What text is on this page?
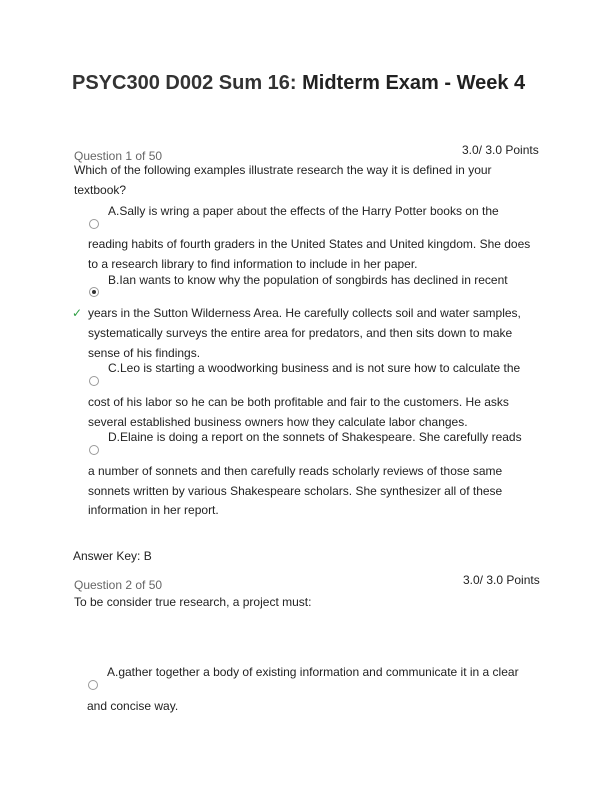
PSYC300 D002 Sum 16: Midterm Exam - Week 4
Question 1 of 50	3.0/ 3.0 Points
Which of the following examples illustrate research the way it is defined in your
textbook?
A.Sally is wring a paper about the effects of the Harry Potter books on the
reading habits of fourth graders in the United States and United kingdom. She does
to a research library to find information to include in her paper.
B.Ian wants to know why the population of songbirds has declined in recent
✓ years in the Sutton Wilderness Area. He carefully collects soil and water samples,
systematically surveys the entire area for predators, and then sits down to make
sense of his findings.
C.Leo is starting a woodworking business and is not sure how to calculate the
cost of his labor so he can be both profitable and fair to the customers. He asks
several established business owners how they calculate labor changes.
D.Elaine is doing a report on the sonnets of Shakespeare. She carefully reads
a number of sonnets and then carefully reads scholarly reviews of those same
sonnets written by various Shakespeare scholars. She synthesizer all of these
information in her report.
Answer Key: B
Question 2 of 50	3.0/ 3.0 Points
To be consider true research, a project must:
A.gather together a body of existing information and communicate it in a clear
and concise way.
